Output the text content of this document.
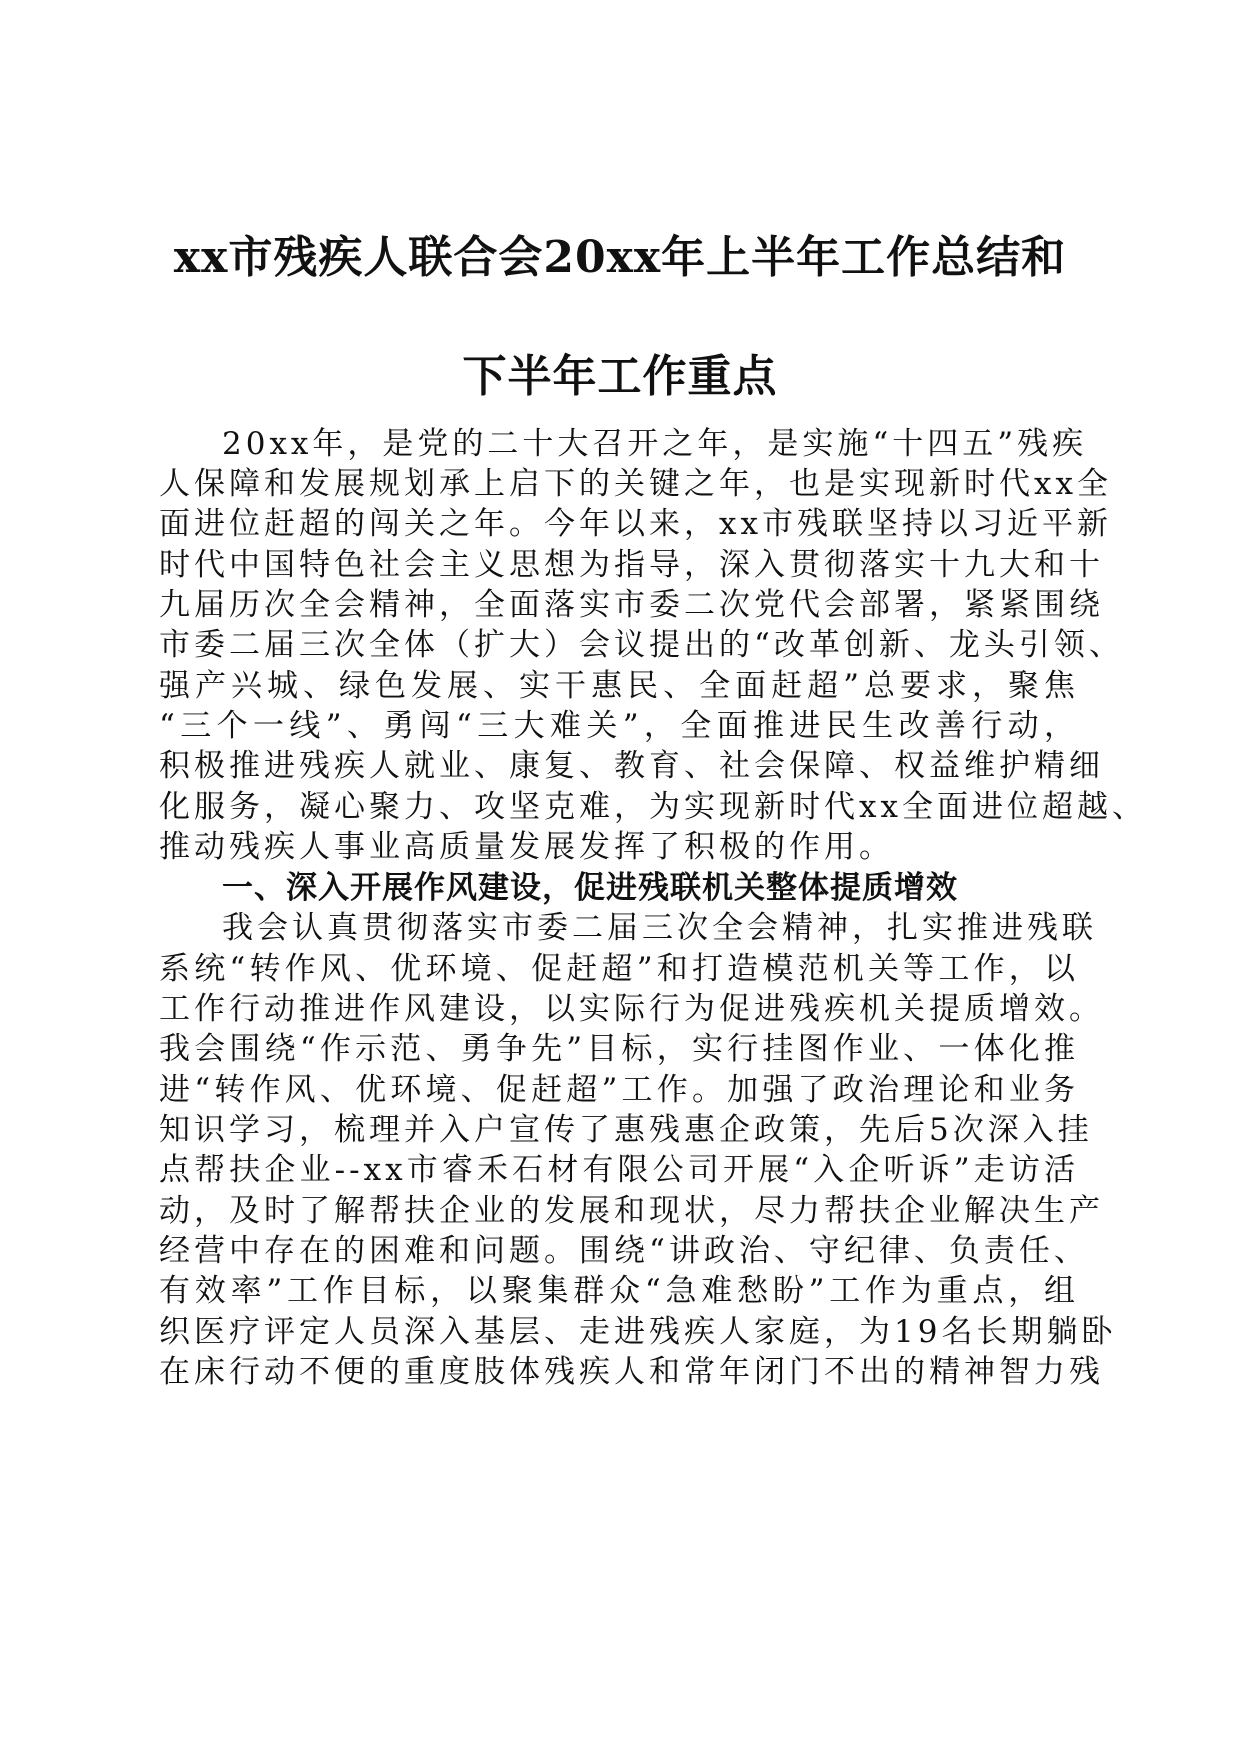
xx市残疾人联合会20xx年上半年工作总结和
下半年工作重点
20xx年，是党的二十大召开之年，是实施“十四五”残疾
人保障和发展规划承上启下的关键之年，也是实现新时代xx全
面进位赶超的闯关之年。今年以来，xx市残联坚持以习近平新
时代中国特色社会主义思想为指导，深入贯彻落实十九大和十
九届历次全会精神，全面落实市委二次党代会部署，紧紧围绕
市委二届三次全体（扩大）会议提出的“改革创新、龙头引领、
强产兴城、绿色发展、实干惠民、全面赶超”总要求，聚焦
“三个一线”、勇闯“三大难关”，全面推进民生改善行动，
积极推进残疾人就业、康复、教育、社会保障、权益维护精细
化服务，凝心聚力、攻坚克难，为实现新时代xx全面进位超越、
推动残疾人事业高质量发展发挥了积极的作用。
一、深入开展作风建设，促进残联机关整体提质增效
我会认真贯彻落实市委二届三次全会精神，扎实推进残联
系统“转作风、优环境、促赶超”和打造模范机关等工作，以
工作行动推进作风建设，以实际行为促进残疾机关提质增效。
我会围绕“作示范、勇争先”目标，实行挂图作业、一体化推
进“转作风、优环境、促赶超”工作。加强了政治理论和业务
知识学习，梳理并入户宣传了惠残惠企政策，先后5次深入挂
点帮扶企业--xx市睿禾石材有限公司开展“入企听诉”走访活
动，及时了解帮扶企业的发展和现状，尽力帮扶企业解决生产
经营中存在的困难和问题。围绕“讲政治、守纪律、负责任、
有效率”工作目标，以聚集群众“急难愁盼”工作为重点，组
织医疗评定人员深入基层、走进残疾人家庭，为19名长期躺卧
在床行动不便的重度肢体残疾人和常年闭门不出的精神智力残
